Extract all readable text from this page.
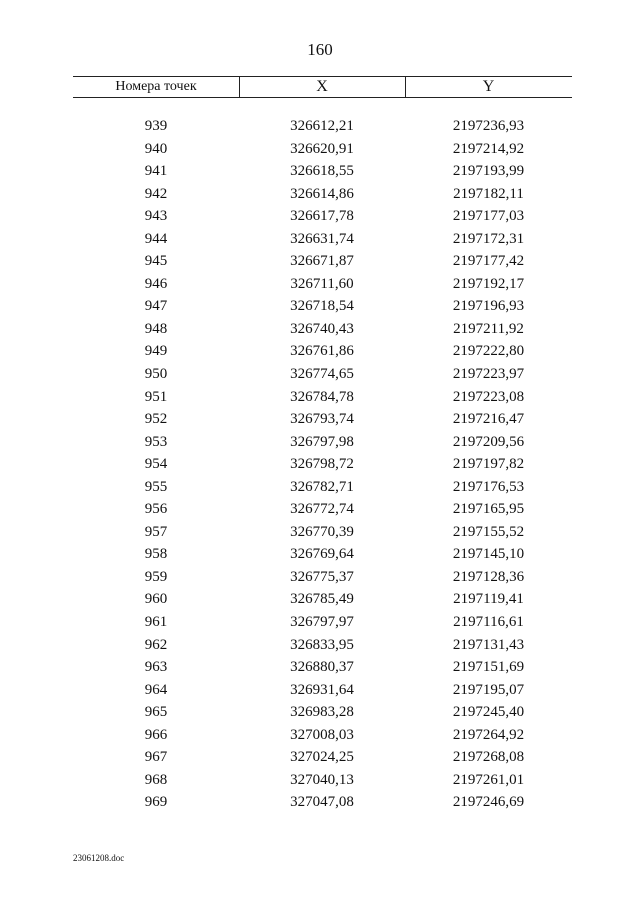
160
Номера точек	X	Y
939	326612,21	2197236,93
940	326620,91	2197214,92
941	326618,55	2197193,99
942	326614,86	2197182,11
943	326617,78	2197177,03
944	326631,74	2197172,31
945	326671,87	2197177,42
946	326711,60	2197192,17
947	326718,54	2197196,93
948	326740,43	2197211,92
949	326761,86	2197222,80
950	326774,65	2197223,97
951	326784,78	2197223,08
952	326793,74	2197216,47
953	326797,98	2197209,56
954	326798,72	2197197,82
955	326782,71	2197176,53
956	326772,74	2197165,95
957	326770,39	2197155,52
958	326769,64	2197145,10
959	326775,37	2197128,36
960	326785,49	2197119,41
961	326797,97	2197116,61
962	326833,95	2197131,43
963	326880,37	2197151,69
964	326931,64	2197195,07
965	326983,28	2197245,40
966	327008,03	2197264,92
967	327024,25	2197268,08
968	327040,13	2197261,01
969	327047,08	2197246,69
23061208.doc
